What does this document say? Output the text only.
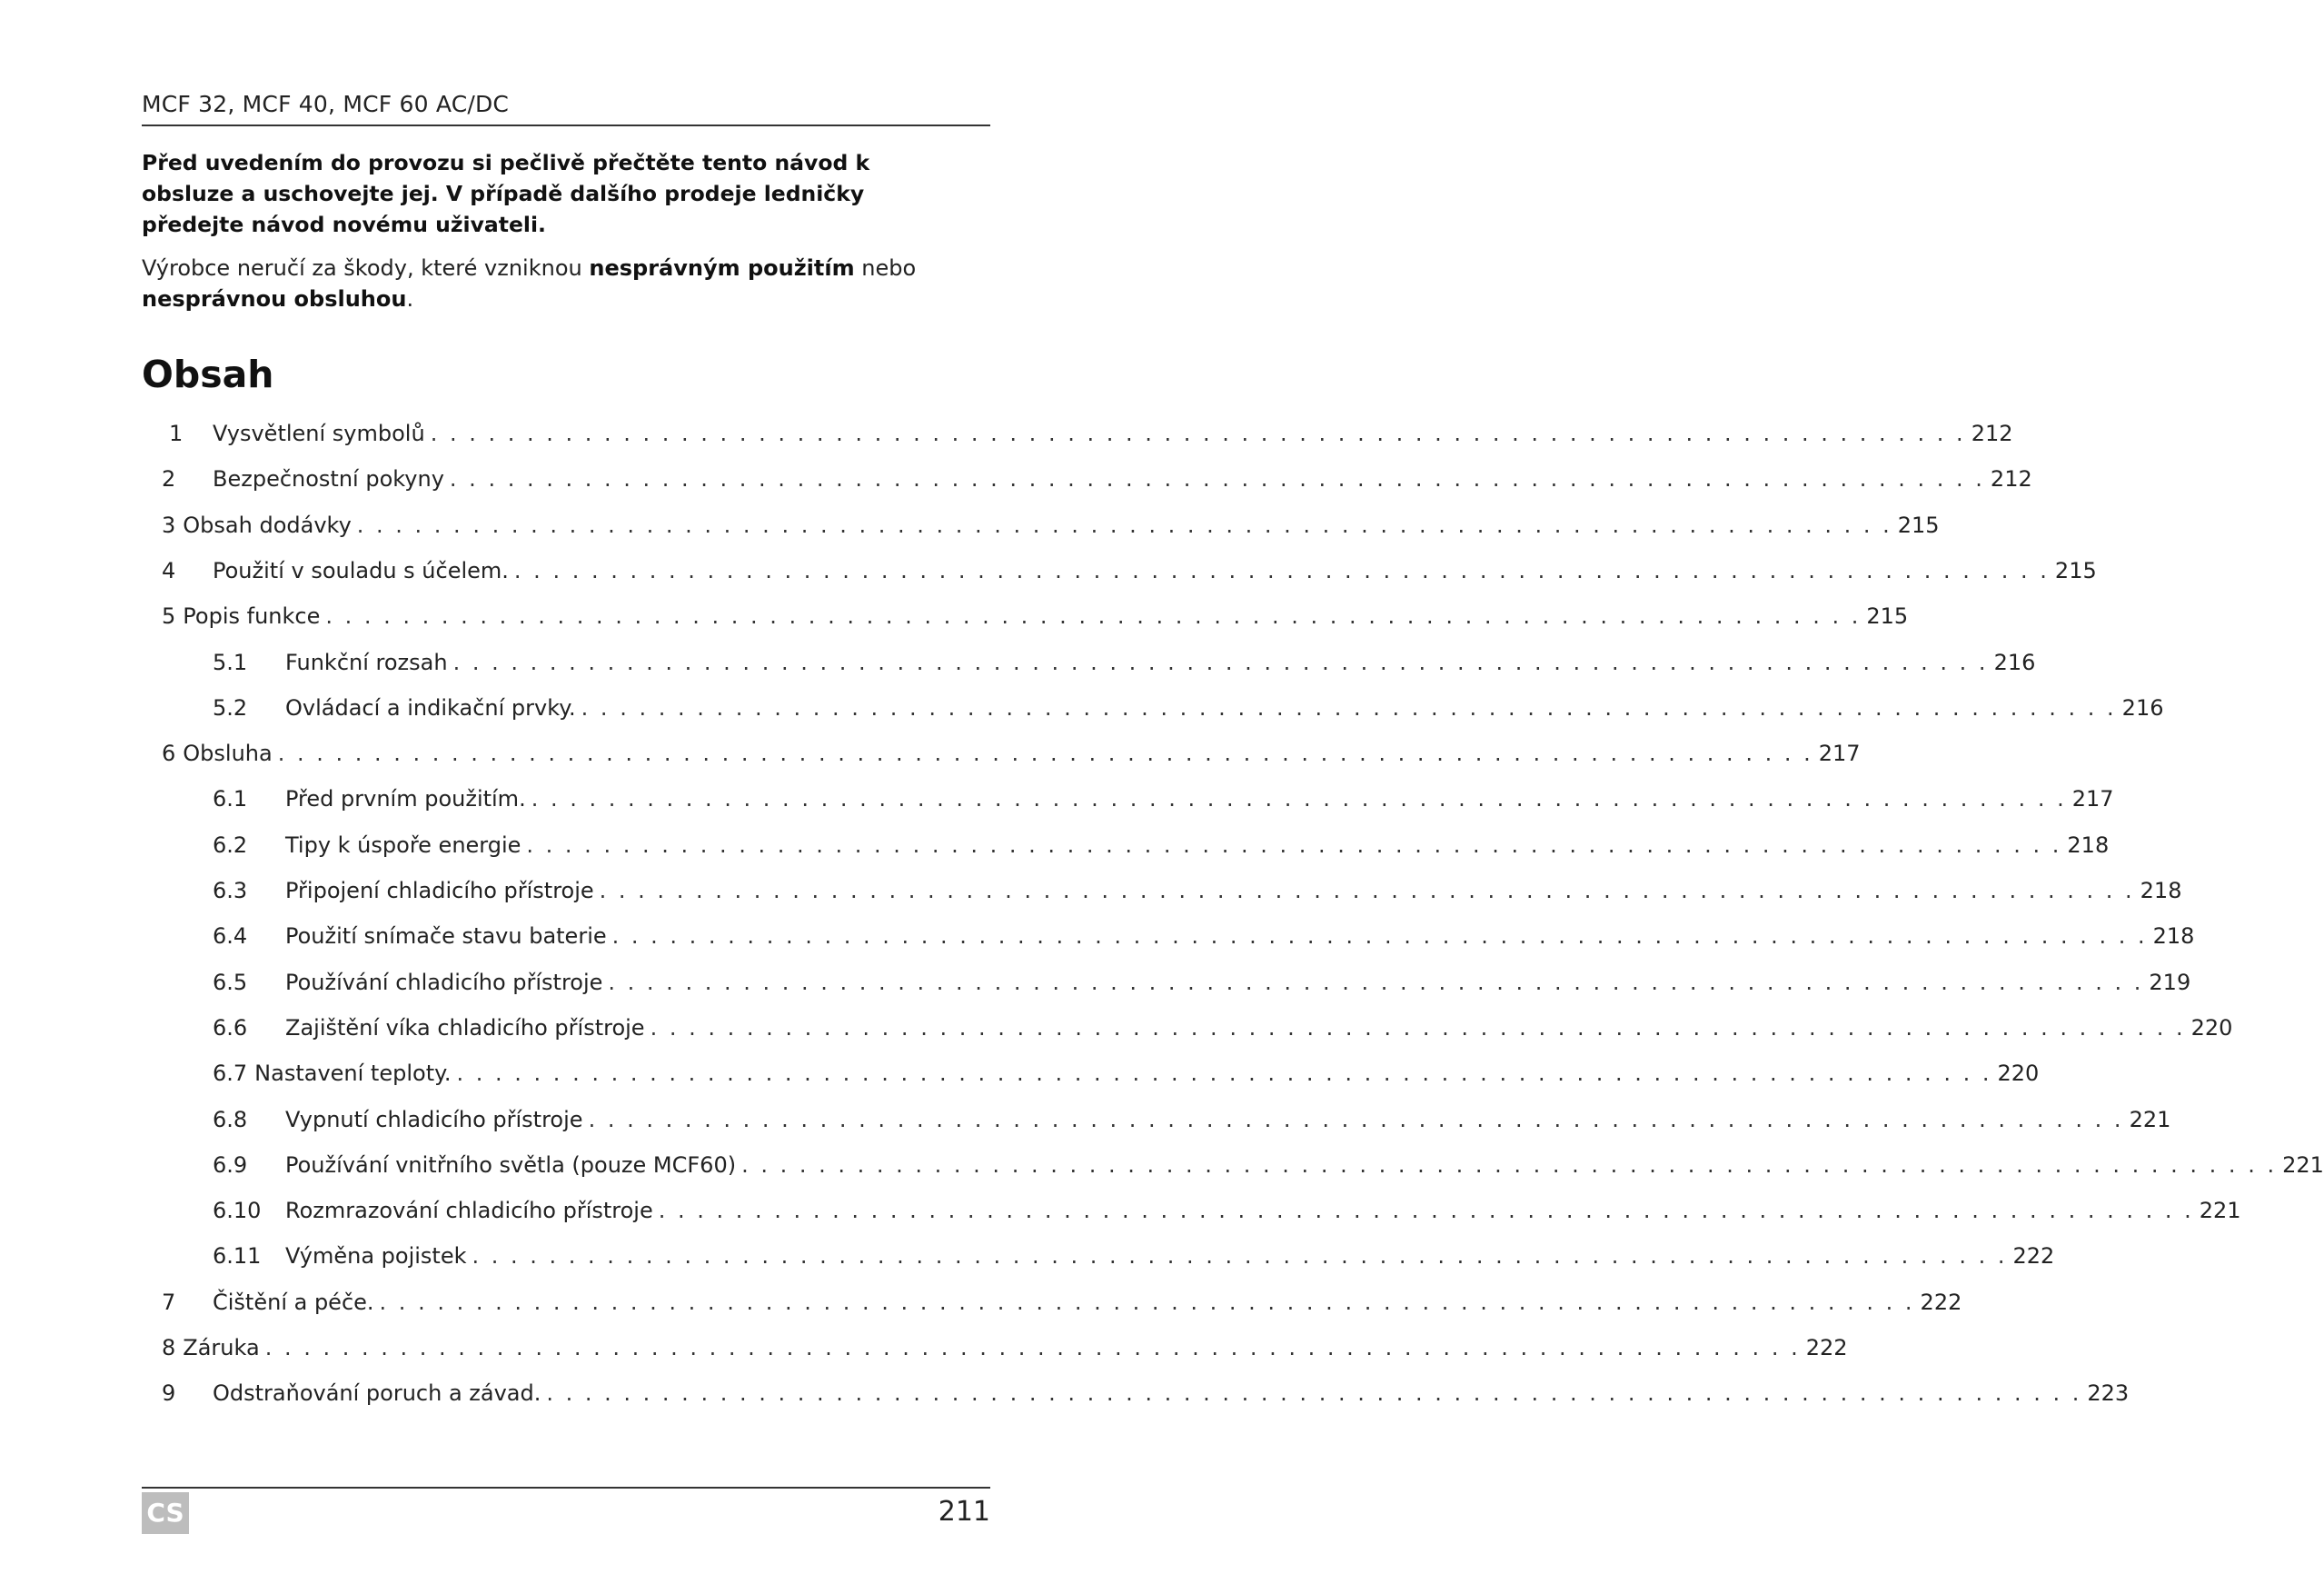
MCF 32, MCF 40, MCF 60 AC/DC
Před uvedením do provozu si pečlivě přečtěte tento návod k obsluze a uschovejte jej. V případě dalšího prodeje ledničky předejte návod novému uživateli.
Výrobce neručí za škody, které vzniknou nesprávným použitím nebo nesprávnou obsluhou.
Obsah
1	Vysvětlení symbolů . . . . . . . . . . . . . . . . . . . . . . . . . . . . . . . . . . . . . . . . . . . . . . . . . . . . . . . . . . . . . . . . . . . . . . . . . . . . . . . . 212
2	Bezpečnostní pokyny . . . . . . . . . . . . . . . . . . . . . . . . . . . . . . . . . . . . . . . . . . . . . . . . . . . . . . . . . . . . . . . . . . . . . . . . . . . . . . . . 212
3 Obsah dodávky . . . . . . . . . . . . . . . . . . . . . . . . . . . . . . . . . . . . . . . . . . . . . . . . . . . . . . . . . . . . . . . . . . . . . . . . . . . . . . . . 215
4	Použití v souladu s účelem. . . . . . . . . . . . . . . . . . . . . . . . . . . . . . . . . . . . . . . . . . . . . . . . . . . . . . . . . . . . . . . . . . . . . . . . . . . . . . . . . 215
5 Popis funkce . . . . . . . . . . . . . . . . . . . . . . . . . . . . . . . . . . . . . . . . . . . . . . . . . . . . . . . . . . . . . . . . . . . . . . . . . . . . . . . . 215
5.1	Funkční rozsah . . . . . . . . . . . . . . . . . . . . . . . . . . . . . . . . . . . . . . . . . . . . . . . . . . . . . . . . . . . . . . . . . . . . . . . . . . . . . . . . 216
5.2	Ovládací a indikační prvky. . . . . . . . . . . . . . . . . . . . . . . . . . . . . . . . . . . . . . . . . . . . . . . . . . . . . . . . . . . . . . . . . . . . . . . . . . . . . . . . . 216
6 Obsluha . . . . . . . . . . . . . . . . . . . . . . . . . . . . . . . . . . . . . . . . . . . . . . . . . . . . . . . . . . . . . . . . . . . . . . . . . . . . . . . . 217
6.1	Před prvním použitím. . . . . . . . . . . . . . . . . . . . . . . . . . . . . . . . . . . . . . . . . . . . . . . . . . . . . . . . . . . . . . . . . . . . . . . . . . . . . . . . . 217
6.2	Tipy k úspoře energie . . . . . . . . . . . . . . . . . . . . . . . . . . . . . . . . . . . . . . . . . . . . . . . . . . . . . . . . . . . . . . . . . . . . . . . . . . . . . . . . 218
6.3	Připojení chladicího přístroje . . . . . . . . . . . . . . . . . . . . . . . . . . . . . . . . . . . . . . . . . . . . . . . . . . . . . . . . . . . . . . . . . . . . . . . . . . . . . . . . 218
6.4	Použití snímače stavu baterie . . . . . . . . . . . . . . . . . . . . . . . . . . . . . . . . . . . . . . . . . . . . . . . . . . . . . . . . . . . . . . . . . . . . . . . . . . . . . . . . 218
6.5	Používání chladicího přístroje . . . . . . . . . . . . . . . . . . . . . . . . . . . . . . . . . . . . . . . . . . . . . . . . . . . . . . . . . . . . . . . . . . . . . . . . . . . . . . . . 219
6.6	Zajištění víka chladicího přístroje . . . . . . . . . . . . . . . . . . . . . . . . . . . . . . . . . . . . . . . . . . . . . . . . . . . . . . . . . . . . . . . . . . . . . . . . . . . . . . . . 220
6.7 Nastavení teploty. . . . . . . . . . . . . . . . . . . . . . . . . . . . . . . . . . . . . . . . . . . . . . . . . . . . . . . . . . . . . . . . . . . . . . . . . . . . . . . . . 220
6.8	Vypnutí chladicího přístroje . . . . . . . . . . . . . . . . . . . . . . . . . . . . . . . . . . . . . . . . . . . . . . . . . . . . . . . . . . . . . . . . . . . . . . . . . . . . . . . . 221
6.9	Používání vnitřního světla (pouze MCF60) . . . . . . . . . . . . . . . . . . . . . . . . . . . . . . . . . . . . . . . . . . . . . . . . . . . . . . . . . . . . . . . . . . . . . . . . . . . . . . . . 221
6.10	Rozmrazování chladicího přístroje . . . . . . . . . . . . . . . . . . . . . . . . . . . . . . . . . . . . . . . . . . . . . . . . . . . . . . . . . . . . . . . . . . . . . . . . . . . . . . . . 221
6.11	Výměna pojistek . . . . . . . . . . . . . . . . . . . . . . . . . . . . . . . . . . . . . . . . . . . . . . . . . . . . . . . . . . . . . . . . . . . . . . . . . . . . . . . . 222
7	Čištění a péče. . . . . . . . . . . . . . . . . . . . . . . . . . . . . . . . . . . . . . . . . . . . . . . . . . . . . . . . . . . . . . . . . . . . . . . . . . . . . . . . . 222
8 Záruka . . . . . . . . . . . . . . . . . . . . . . . . . . . . . . . . . . . . . . . . . . . . . . . . . . . . . . . . . . . . . . . . . . . . . . . . . . . . . . . . 222
9	Odstraňování poruch a závad. . . . . . . . . . . . . . . . . . . . . . . . . . . . . . . . . . . . . . . . . . . . . . . . . . . . . . . . . . . . . . . . . . . . . . . . . . . . . . . . . 223
CS	211
